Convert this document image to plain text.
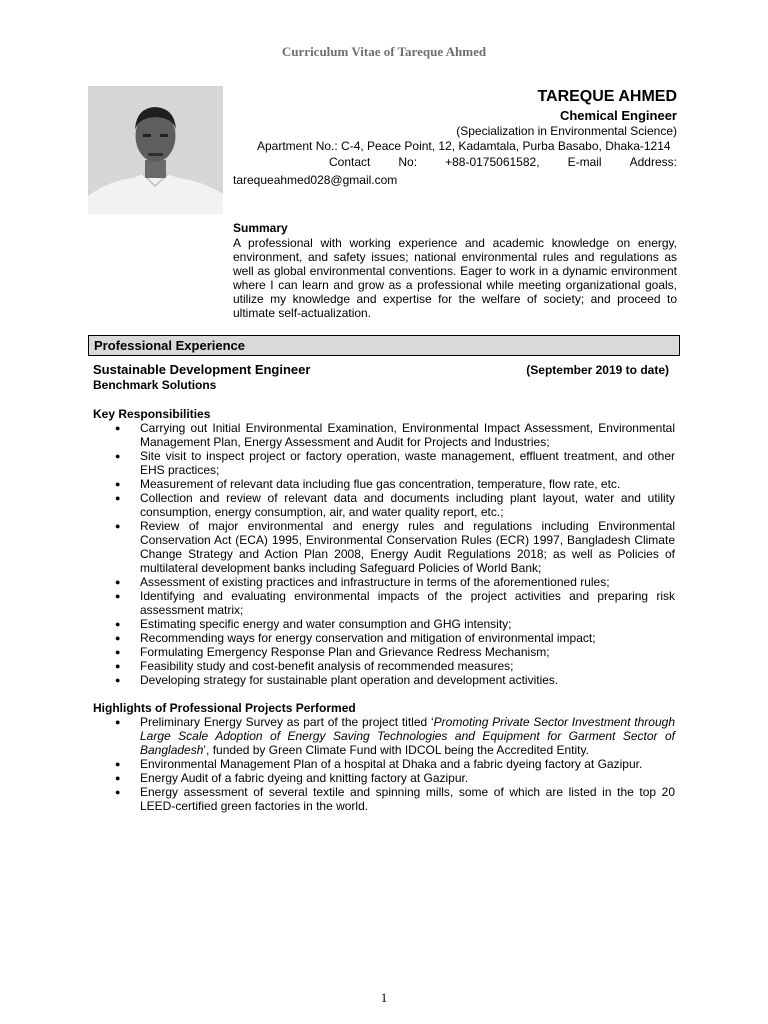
Curriculum Vitae of Tareque Ahmed
TAREQUE AHMED
Chemical Engineer
(Specialization in Environmental Science)
Apartment No.: C-4, Peace Point, 12, Kadamtala, Purba Basabo, Dhaka-1214
Contact No: +88-0175061582, E-mail Address:
tarequeahmed028@gmail.com
Summary
A professional with working experience and academic knowledge on energy, environment, and safety issues; national environmental rules and regulations as well as global environmental conventions. Eager to work in a dynamic environment where I can learn and grow as a professional while meeting organizational goals, utilize my knowledge and expertise for the welfare of society; and proceed to ultimate self-actualization.
Professional Experience
Sustainable Development Engineer	(September 2019 to date)
Benchmark Solutions
Key Responsibilities
● Carrying out Initial Environmental Examination, Environmental Impact Assessment, Environmental Management Plan, Energy Assessment and Audit for Projects and Industries;
● Site visit to inspect project or factory operation, waste management, effluent treatment, and other EHS practices;
● Measurement of relevant data including flue gas concentration, temperature, flow rate, etc.
● Collection and review of relevant data and documents including plant layout, water and utility consumption, energy consumption, air, and water quality report, etc.;
● Review of major environmental and energy rules and regulations including Environmental Conservation Act (ECA) 1995, Environmental Conservation Rules (ECR) 1997, Bangladesh Climate Change Strategy and Action Plan 2008, Energy Audit Regulations 2018; as well as Policies of multilateral development banks including Safeguard Policies of World Bank;
● Assessment of existing practices and infrastructure in terms of the aforementioned rules;
● Identifying and evaluating environmental impacts of the project activities and preparing risk assessment matrix;
● Estimating specific energy and water consumption and GHG intensity;
● Recommending ways for energy conservation and mitigation of environmental impact;
● Formulating Emergency Response Plan and Grievance Redress Mechanism;
● Feasibility study and cost-benefit analysis of recommended measures;
● Developing strategy for sustainable plant operation and development activities.
Highlights of Professional Projects Performed
● Preliminary Energy Survey as part of the project titled ‘Promoting Private Sector Investment through Large Scale Adoption of Energy Saving Technologies and Equipment for Garment Sector of Bangladesh’, funded by Green Climate Fund with IDCOL being the Accredited Entity.
● Environmental Management Plan of a hospital at Dhaka and a fabric dyeing factory at Gazipur.
● Energy Audit of a fabric dyeing and knitting factory at Gazipur.
● Energy assessment of several textile and spinning mills, some of which are listed in the top 20 LEED-certified green factories in the world.
1
